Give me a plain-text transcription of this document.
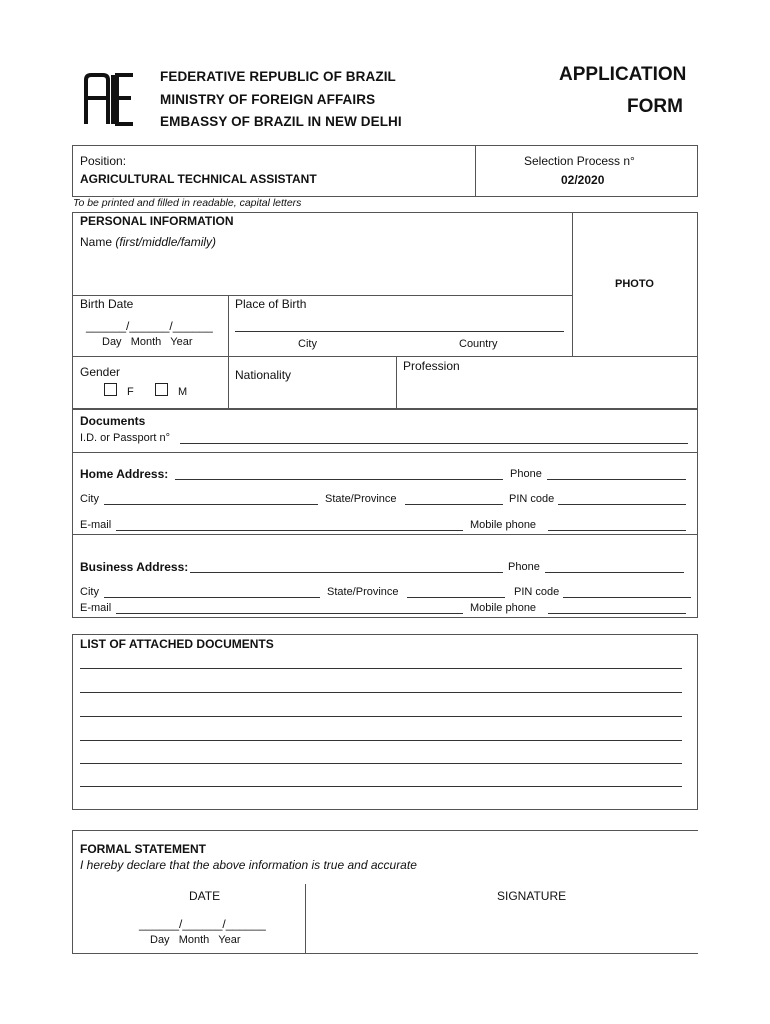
FEDERATIVE REPUBLIC OF BRAZIL
MINISTRY OF FOREIGN AFFAIRS
EMBASSY OF BRAZIL IN NEW DELHI
APPLICATION
FORM
Position:
AGRICULTURAL TECHNICAL ASSISTANT
Selection Process n°
02/2020
To be printed and filled in readable, capital letters
PERSONAL INFORMATION
Name (first/middle/family)
PHOTO
Birth Date
______/______/______
Day   Month   Year
Place of Birth
City	Country
Gender
F	M
Nationality
Profession
Documents
I.D. or Passport n°
Home Address:	Phone
City	State/Province	PIN code
E-mail	Mobile phone
Business Address:	Phone
City	State/Province	PIN code
E-mail	Mobile phone
LIST OF ATTACHED DOCUMENTS
FORMAL STATEMENT
I hereby declare that the above information is true and accurate
DATE
______/______/______
Day   Month   Year
SIGNATURE
